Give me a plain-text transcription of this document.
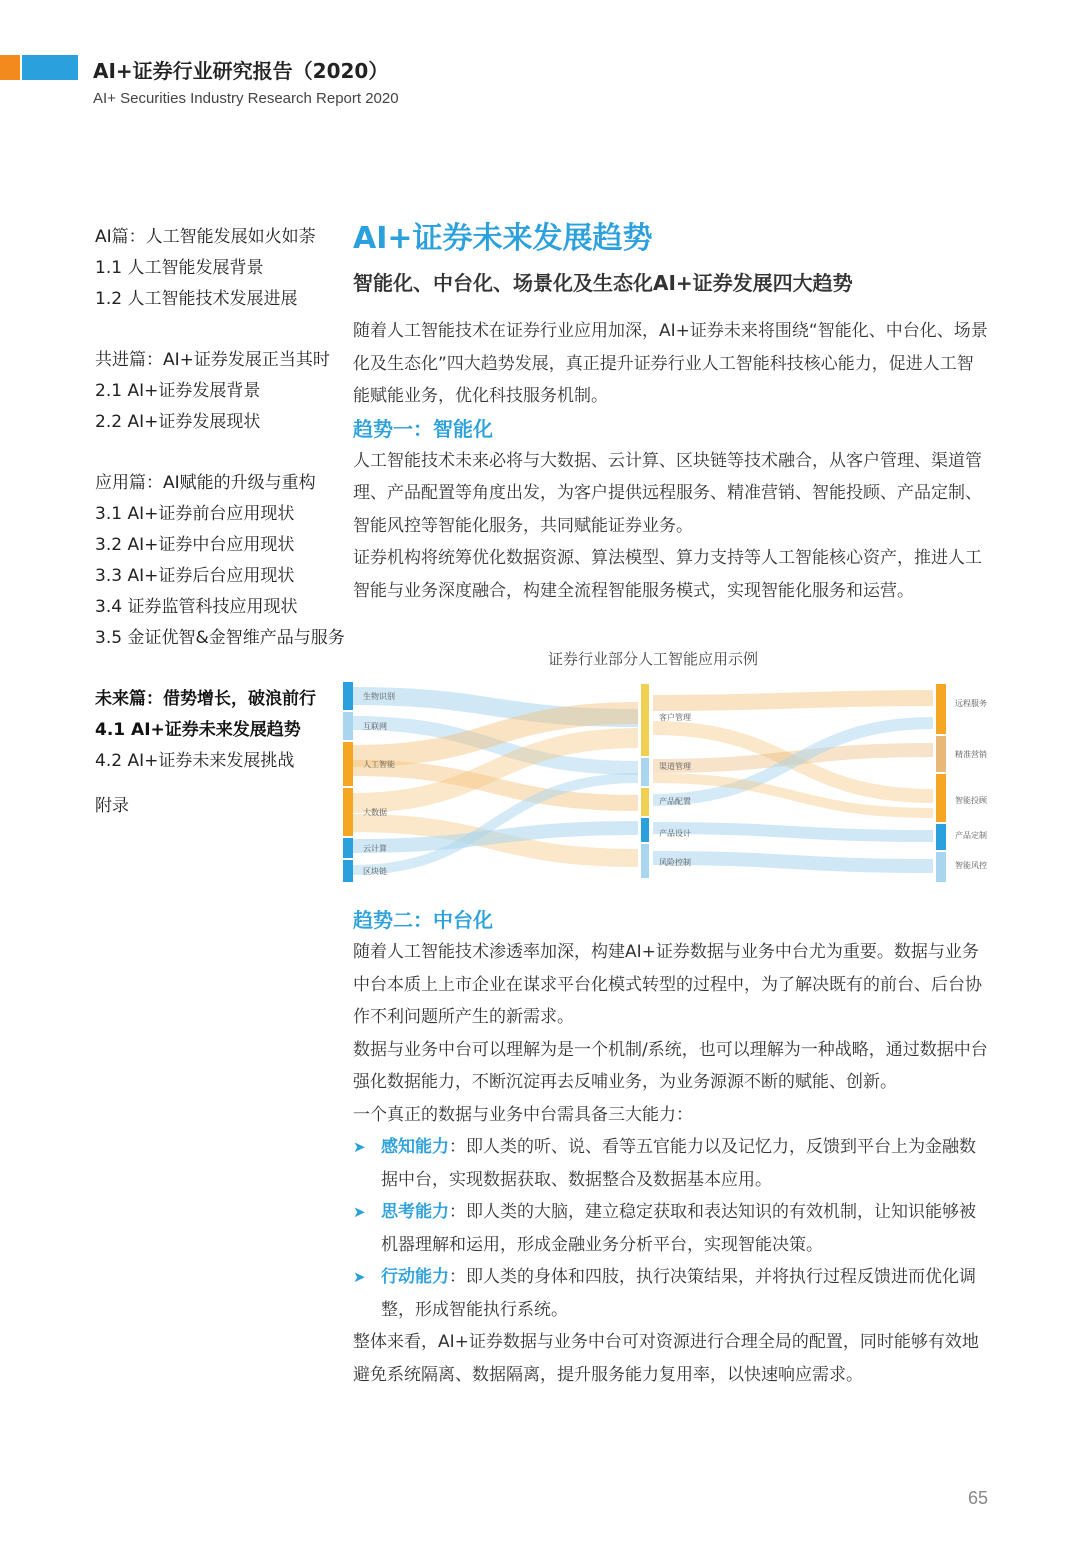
AI+证券行业研究报告（2020）
AI+ Securities Industry Research Report 2020
AI篇：人工智能发展如火如荼
1.1 人工智能发展背景
1.2 人工智能技术发展进展
共进篇：AI+证券发展正当其时
2.1 AI+证券发展背景
2.2 AI+证券发展现状
应用篇：AI赋能的升级与重构
3.1 AI+证券前台应用现状
3.2 AI+证券中台应用现状
3.3 AI+证券后台应用现状
3.4 证券监管科技应用现状
3.5 金证优智&金智维产品与服务
未来篇：借势增长，破浪前行
4.1 AI+证券未来发展趋势
4.2 AI+证券未来发展挑战
附录
AI+证券未来发展趋势
智能化、中台化、场景化及生态化AI+证券发展四大趋势

随着人工智能技术在证券行业应用加深，AI+证券未来将围绕“智能化、中台化、场景化及生态化”四大趋势发展，真正提升证券行业人工智能科技核心能力，促进人工智能赋能业务，优化科技服务机制。

趋势一：智能化

人工智能技术未来必将与大数据、云计算、区块链等技术融合，从客户管理、渠道管理、产品配置等角度出发，为客户提供远程服务、精准营销、智能投顾、产品定制、智能风控等智能化服务，共同赋能证券业务。

证券机构将统筹优化数据资源、算法模型、算力支持等人工智能核心资产，推进人工智能与业务深度融合，构建全流程智能服务模式，实现智能化服务和运营。

证券行业部分人工智能应用示例
生物识别
互联网
人工智能
大数据
云计算
区块链
客户管理
渠道管理
产品配置
产品设计
风险控制
远程服务
精准营销
智能投顾
产品定制
智能风控
趋势二：中台化

随着人工智能技术渗透率加深，构建AI+证券数据与业务中台尤为重要。数据与业务中台本质上上市企业在谋求平台化模式转型的过程中，为了解决既有的前台、后台协作不利问题所产生的新需求。

数据与业务中台可以理解为是一个机制/系统，也可以理解为一种战略，通过数据中台强化数据能力，不断沉淀再去反哺业务，为业务源源不断的赋能、创新。

一个真正的数据与业务中台需具备三大能力：

➤ 感知能力：即人类的听、说、看等五官能力以及记忆力，反馈到平台上为金融数据中台，实现数据获取、数据整合及数据基本应用。
➤ 思考能力：即人类的大脑，建立稳定获取和表达知识的有效机制，让知识能够被机器理解和运用，形成金融业务分析平台，实现智能决策。
➤ 行动能力：即人类的身体和四肢，执行决策结果，并将执行过程反馈进而优化调整，形成智能执行系统。

整体来看，AI+证券数据与业务中台可对资源进行合理全局的配置，同时能够有效地避免系统隔离、数据隔离，提升服务能力复用率，以快速响应需求。

65
